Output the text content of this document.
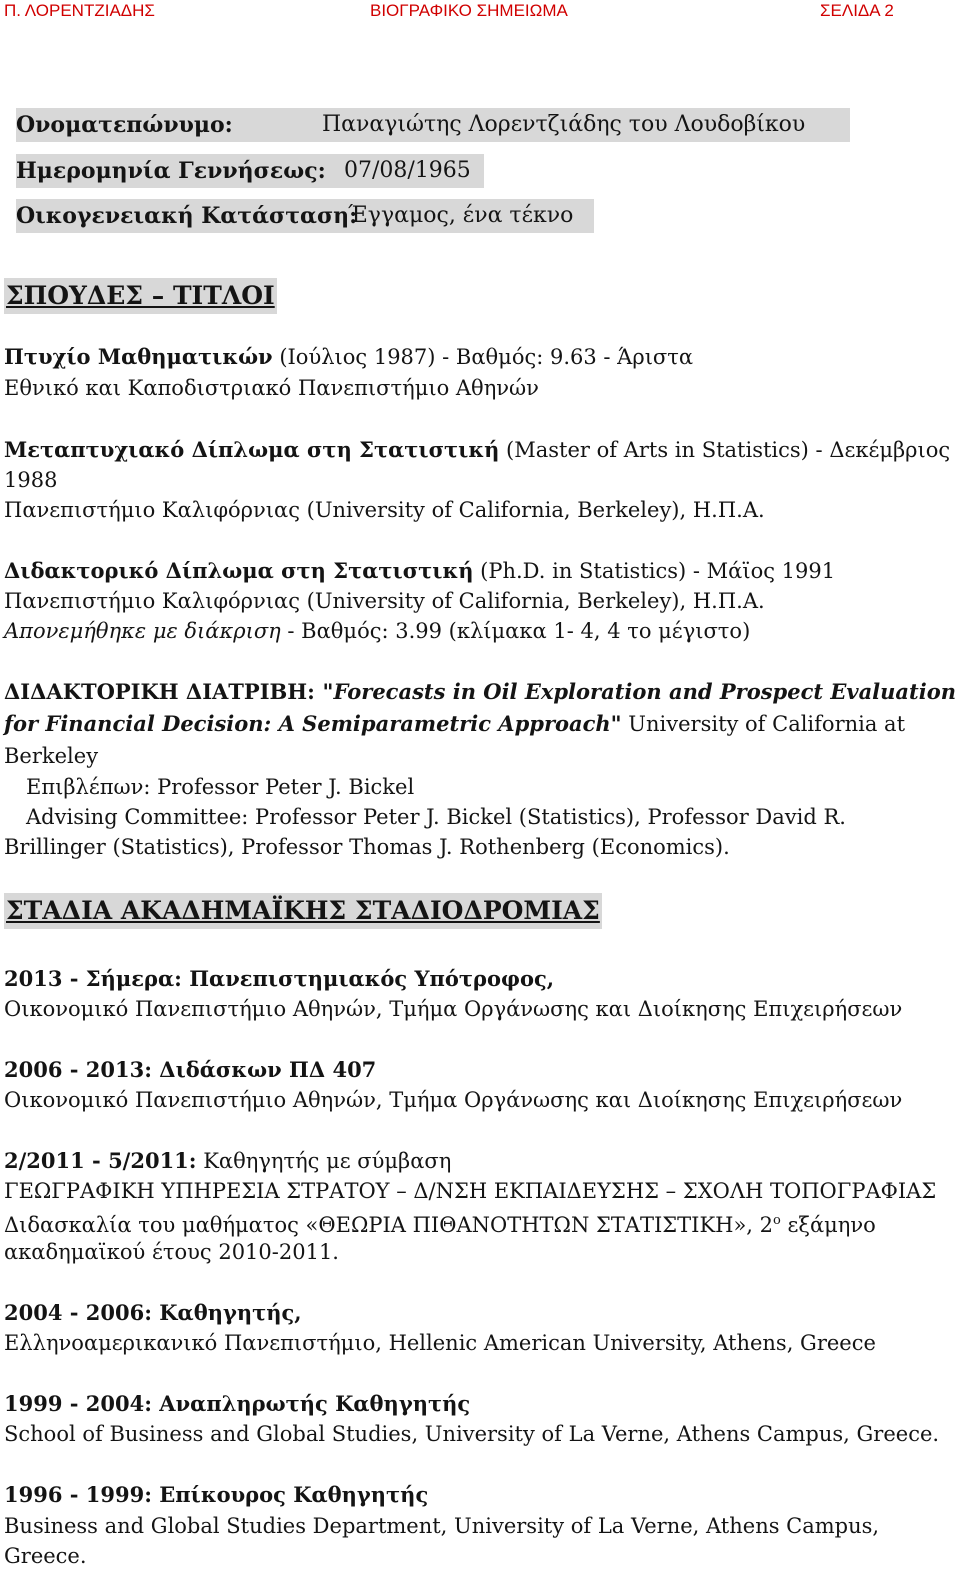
Π. ΛΟΡΕΝΤΖΙΑΔΗΣ	ΒΙΟΓΡΑΦΙΚΟ ΣΗΜΕΙΩΜΑ	ΣΕΛΙΔΑ 2
Ονοματεπώνυμο:	Παναγιώτης Λορεντζιάδης του Λουδοβίκου
Ημερομηνία Γεννήσεως: 07/08/1965
Οικογενειακή Κατάσταση:
Έγγαμος, ένα τέκνο
ΣΠΟΥΔΕΣ – ΤΙΤΛΟΙ
Πτυχίο Μαθηματικών (Ιούλιος 1987) - Βαθμός: 9.63 - Άριστα
Εθνικό και Καποδιστριακό Πανεπιστήμιο Αθηνών
Μεταπτυχιακό Δίπλωμα στη Στατιστική (Master of Arts in Statistics) - Δεκέμβριος
1988
Πανεπιστήμιο Καλιφόρνιας (University of California, Berkeley), Η.Π.Α.
Διδακτορικό Δίπλωμα στη Στατιστική (Ph.D. in Statistics) - Μάϊος 1991
Πανεπιστήμιο Καλιφόρνιας (University of California, Berkeley), Η.Π.Α.
Απονεμήθηκε με διάκριση - Βαθμός: 3.99 (κλίμακα 1- 4, 4 το μέγιστο)
ΔΙΔΑΚΤΟΡΙΚΗ ΔΙΑΤΡΙΒΗ: "Forecasts in Oil Exploration and Prospect Evaluation
for Financial Decision: A Semiparametric Approach" University of California at
Berkeley
Επιβλέπων: Professor Peter J. Bickel
Advising Committee: Professor Peter J. Bickel (Statistics), Professor David R.
Brillinger (Statistics), Professor Thomas J. Rothenberg (Economics).
ΣΤΑΔΙΑ ΑΚΑΔΗΜΑΪΚΗΣ ΣΤΑΔΙΟΔΡΟΜΙΑΣ
2013 - Σήμερα: Πανεπιστημιακός Υπότροφος,
Οικονομικό Πανεπιστήμιο Αθηνών, Τμήμα Οργάνωσης και Διοίκησης Επιχειρήσεων
2006 - 2013: Διδάσκων ΠΔ 407
Οικονομικό Πανεπιστήμιο Αθηνών, Τμήμα Οργάνωσης και Διοίκησης Επιχειρήσεων
2/2011 - 5/2011: Καθηγητής με σύμβαση
ΓΕΩΓΡΑΦΙΚΗ ΥΠΗΡΕΣΙΑ ΣΤΡΑΤΟΥ – Δ/ΝΣΗ ΕΚΠΑΙΔΕΥΣΗΣ – ΣΧΟΛΗ ΤΟΠΟΓΡΑΦΙΑΣ
Διδασκαλία του μαθήματος «ΘΕΩΡΙΑ ΠΙΘΑΝΟΤΗΤΩΝ ΣΤΑΤΙΣΤΙΚΗ», $2^o$ εξάμηνο
ακαδημαϊκού έτους 2010-2011.
2004 - 2006: Καθηγητής,
Ελληνοαμερικανικό Πανεπιστήμιο, Hellenic American University, Athens, Greece
1999 - 2004: Αναπληρωτής Καθηγητής
School of Business and Global Studies, University of La Verne, Athens Campus, Greece.
1996 - 1999: Επίκουρος Καθηγητής
Business and Global Studies Department, University of La Verne, Athens Campus,
Greece.
